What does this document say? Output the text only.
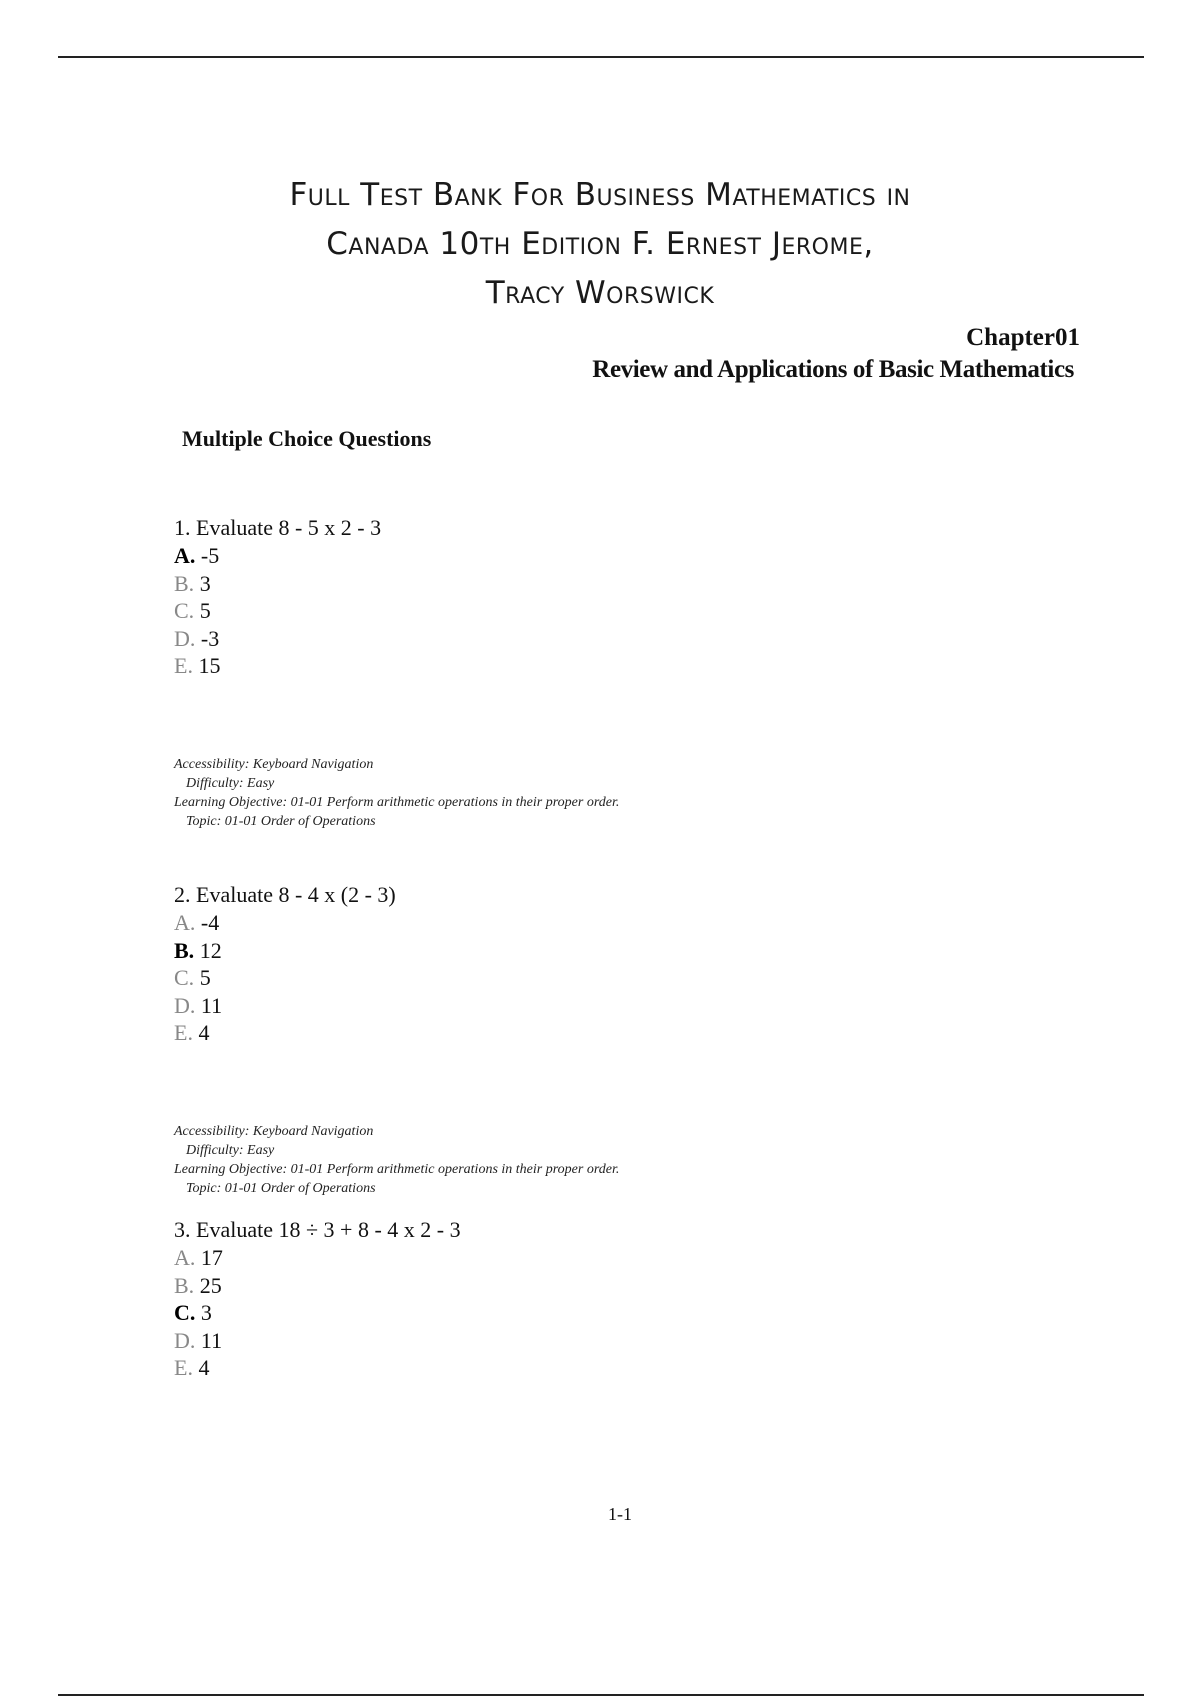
Full Test Bank For Business Mathematics in
Canada 10th Edition F. Ernest Jerome,
Tracy Worswick
Chapter01
Review and Applications of Basic Mathematics
Multiple Choice Questions
1. Evaluate 8 - 5 x 2 - 3
A. -5
B. 3
C. 5
D. -3
E. 15
Accessibility: Keyboard Navigation
Difficulty: Easy
Learning Objective: 01-01 Perform arithmetic operations in their proper order.
Topic: 01-01 Order of Operations
2. Evaluate 8 - 4 x (2 - 3)
A. -4
B. 12
C. 5
D. 11
E. 4
Accessibility: Keyboard Navigation
Difficulty: Easy
Learning Objective: 01-01 Perform arithmetic operations in their proper order.
Topic: 01-01 Order of Operations
3. Evaluate 18 ÷ 3 + 8 - 4 x 2 - 3
A. 17
B. 25
C. 3
D. 11
E. 4
1-1
